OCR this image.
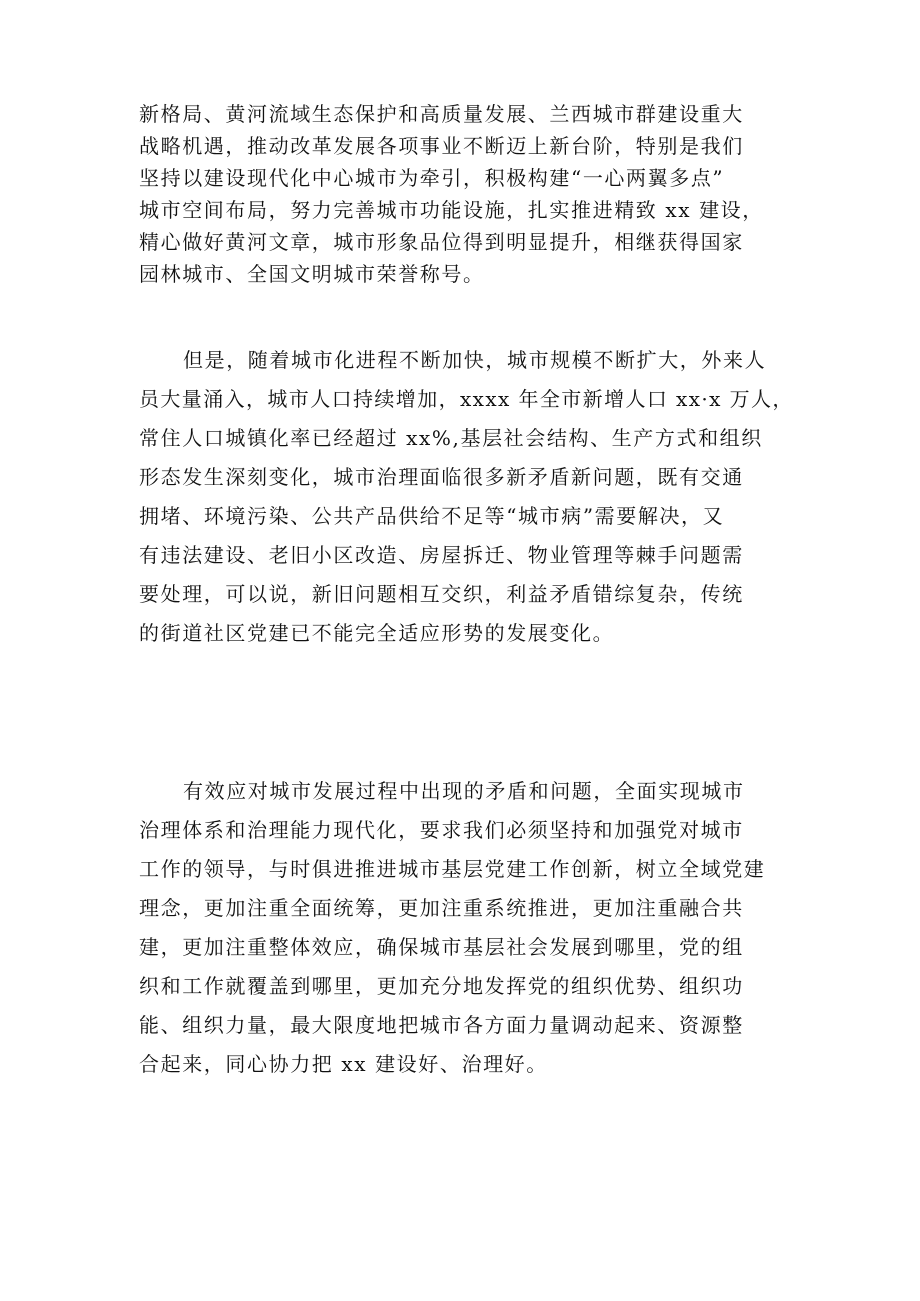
新格局、黄河流域生态保护和高质量发展、兰西城市群建设重大
战略机遇，推动改革发展各项事业不断迈上新台阶，特别是我们
坚持以建设现代化中心城市为牵引，积极构建“一心两翼多点”
城市空间布局，努力完善城市功能设施，扎实推进精致 xx 建设，
精心做好黄河文章，城市形象品位得到明显提升，相继获得国家
园林城市、全国文明城市荣誉称号。
但是，随着城市化进程不断加快，城市规模不断扩大，外来人
员大量涌入，城市人口持续增加，xxxx 年全市新增人口 xx·x 万人，
常住人口城镇化率已经超过 xx%,基层社会结构、生产方式和组织
形态发生深刻变化，城市治理面临很多新矛盾新问题，既有交通
拥堵、环境污染、公共产品供给不足等“城市病”需要解决，又
有违法建设、老旧小区改造、房屋拆迁、物业管理等棘手问题需
要处理，可以说，新旧问题相互交织，利益矛盾错综复杂，传统
的街道社区党建已不能完全适应形势的发展变化。
有效应对城市发展过程中出现的矛盾和问题，全面实现城市
治理体系和治理能力现代化，要求我们必须坚持和加强党对城市
工作的领导，与时俱进推进城市基层党建工作创新，树立全域党建
理念，更加注重全面统筹，更加注重系统推进，更加注重融合共
建，更加注重整体效应，确保城市基层社会发展到哪里，党的组
织和工作就覆盖到哪里，更加充分地发挥党的组织优势、组织功
能、组织力量，最大限度地把城市各方面力量调动起来、资源整
合起来，同心协力把 xx 建设好、治理好。
